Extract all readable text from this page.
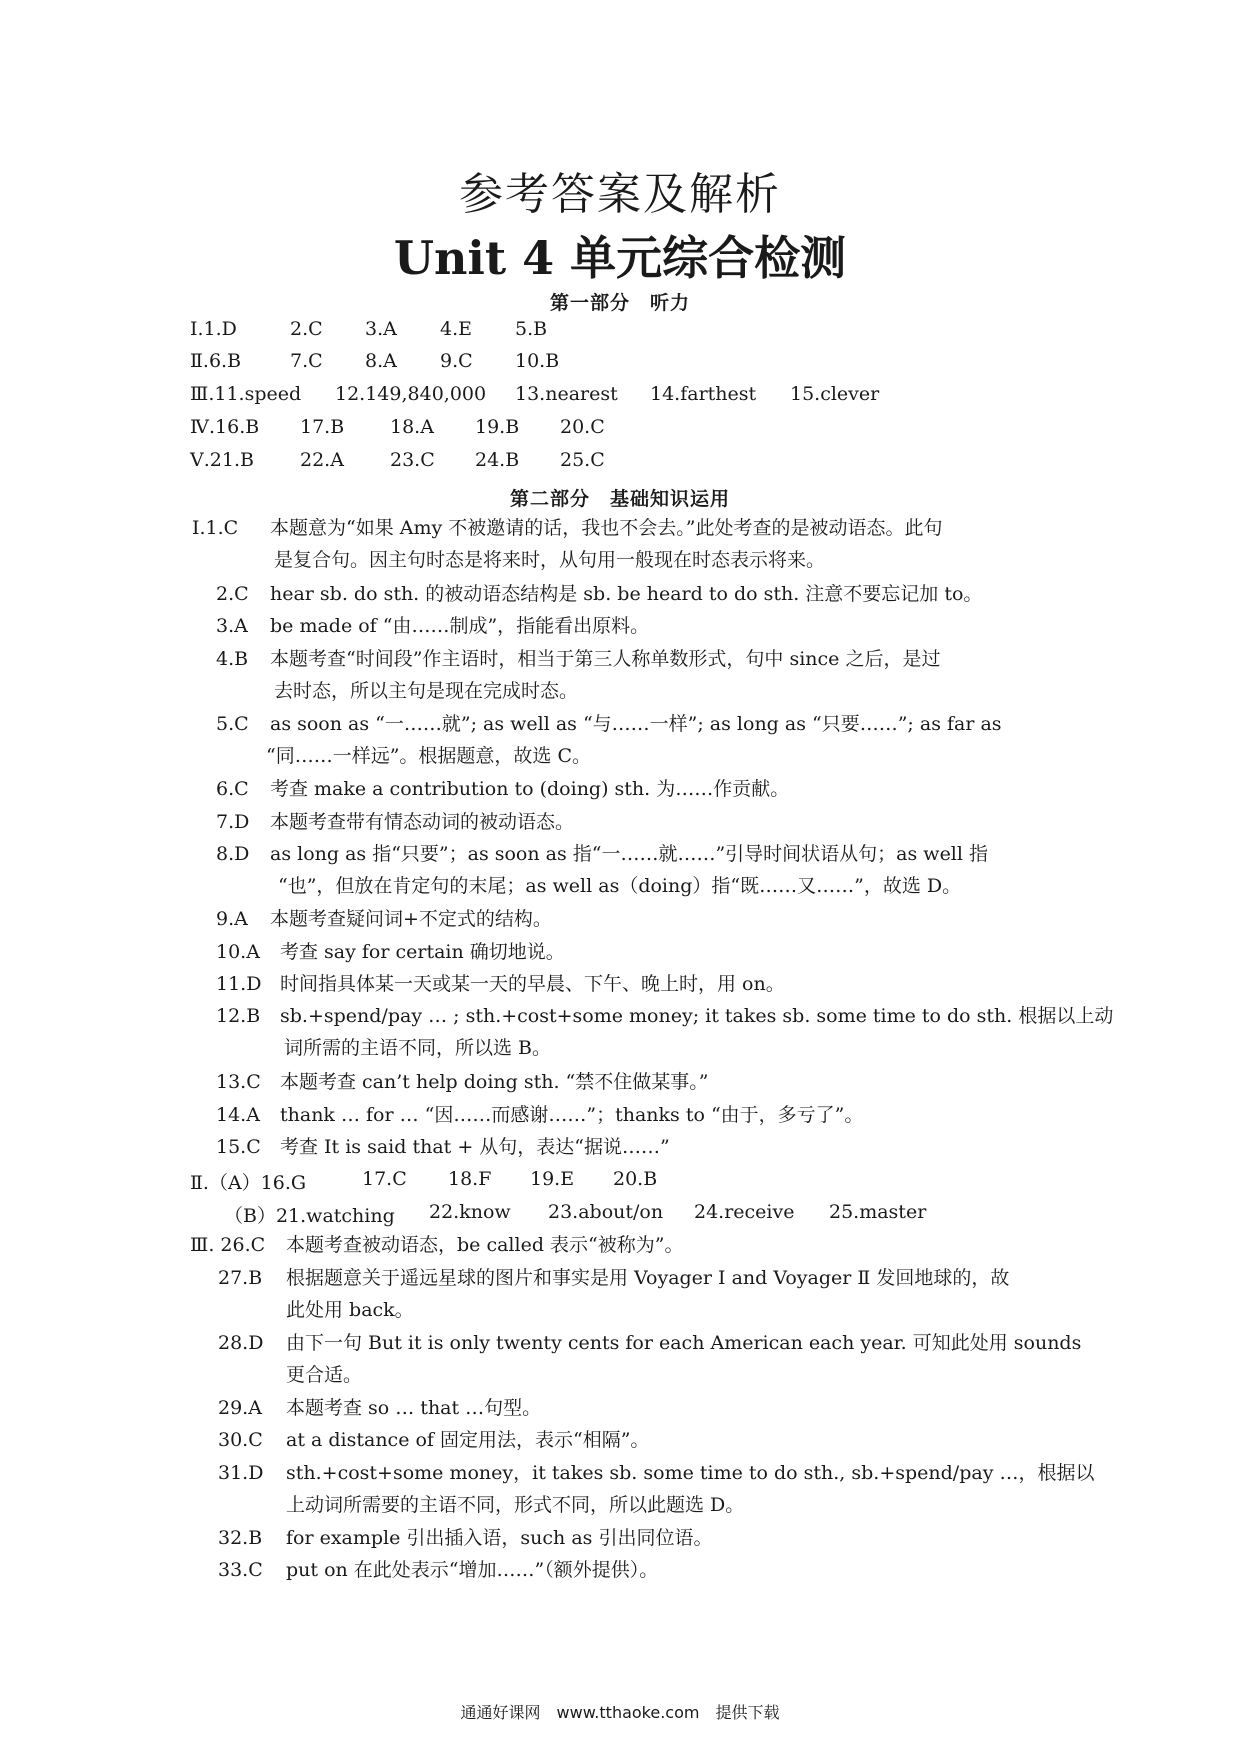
参考答案及解析
Unit 4 单元综合检测
第一部分　听力
Ⅰ.1.D	2.C 3.A 4.E 5.B
Ⅱ.6.B	7.C 8.A 9.C 10.B
Ⅲ.11.speed 12.149,840,000 13.nearest 14.farthest 15.clever
Ⅳ.16.B 17.B 18.A 19.B 20.C
Ⅴ.21.B 22.A 23.C 24.B 25.C
第二部分　基础知识运用
Ⅰ.1.C 本题意为“如果 Amy 不被邀请的话，我也不会去。”此处考查的是被动语态。此句
是复合句。因主句时态是将来时，从句用一般现在时态表示将来。
2.C hear sb. do sth. 的被动语态结构是 sb. be heard to do sth. 注意不要忘记加 to。
3.A be made of “由……制成”，指能看出原料。
4.B 本题考查“时间段”作主语时，相当于第三人称单数形式，句中 since 之后，是过
去时态，所以主句是现在完成时态。
5.C as soon as “一……就”; as well as “与……一样”; as long as “只要……”; as far as
“同……一样远”。根据题意，故选 C。
6.C 考查 make a contribution to (doing) sth. 为……作贡献。
7.D 本题考查带有情态动词的被动语态。
8.D as long as 指“只要”；as soon as 指“一……就……”引导时间状语从句；as well 指
“也”，但放在肯定句的末尾；as well as（doing）指“既……又……”，故选 D。
9.A 本题考查疑问词+不定式的结构。
10.A 考查 say for certain 确切地说。
11.D 时间指具体某一天或某一天的早晨、下午、晚上时，用 on。
12.B sb.+spend/pay … ; sth.+cost+some money; it takes sb. some time to do sth. 根据以上动
词所需的主语不同，所以选 B。
13.C 本题考查 can’t help doing sth. “禁不住做某事。”
14.A thank … for … “因……而感谢……”；thanks to “由于，多亏了”。
15.C 考查 It is said that + 从句，表达“据说……”
Ⅱ.（A）16.G	17.C 18.F 19.E 20.B
（B）21.watching 22.know 23.about/on 24.receive 25.master
Ⅲ. 26.C 本题考查被动语态，be called 表示“被称为”。
27.B 根据题意关于遥远星球的图片和事实是用 Voyager Ⅰ and Voyager Ⅱ 发回地球的，故
此处用 back。
28.D 由下一句 But it is only twenty cents for each American each year. 可知此处用 sounds
更合适。
29.A 本题考查 so … that …句型。
30.C at a distance of 固定用法，表示“相隔”。
31.D sth.+cost+some money，it takes sb. some time to do sth., sb.+spend/pay …，根据以
上动词所需要的主语不同，形式不同，所以此题选 D。
32.B for example 引出插入语，such as 引出同位语。
33.C put on 在此处表示“增加……”（额外提供）。
通通好课网　www.tthaoke.com　提供下载
